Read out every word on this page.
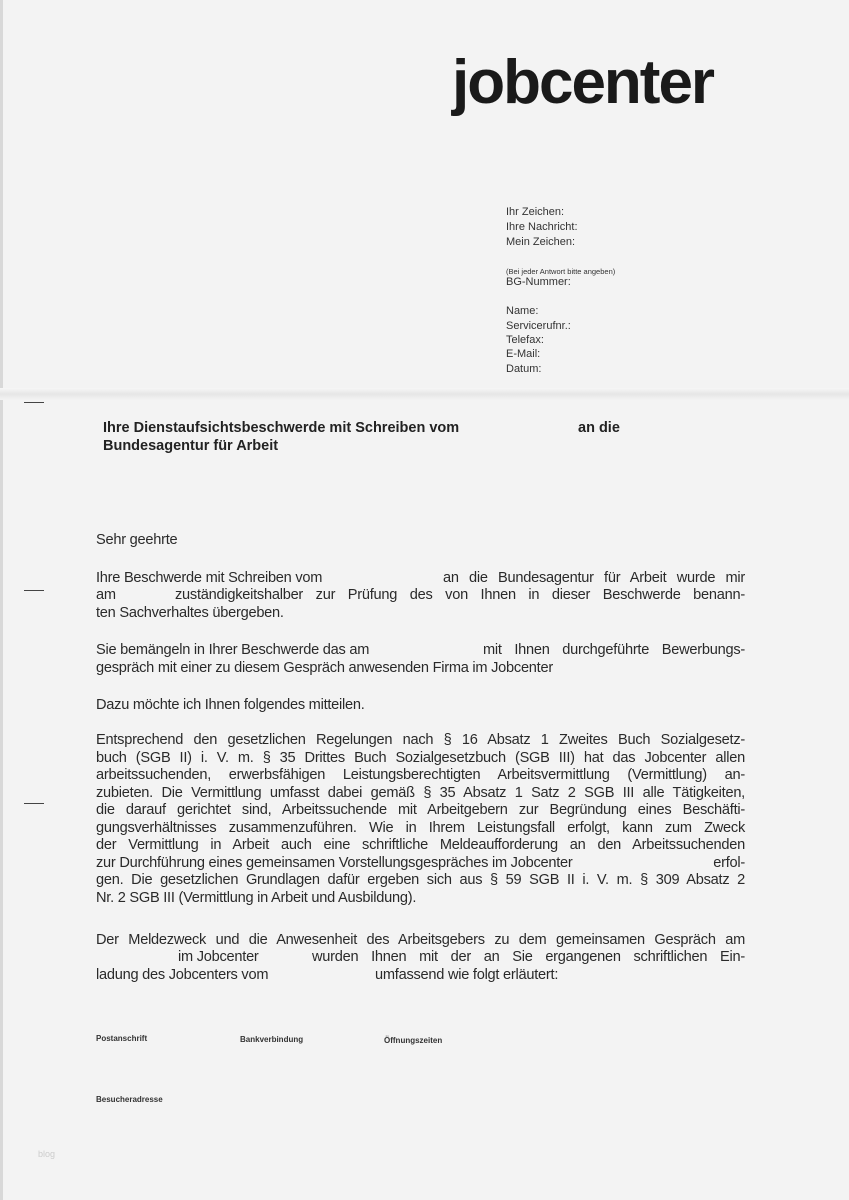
jobcenter
Ihr Zeichen:
Ihre Nachricht:
Mein Zeichen:
(Bei jeder Antwort bitte angeben)
BG-Nummer:
Name:
Servicerufnr.:
Telefax:
E-Mail:
Datum:
Ihre Dienstaufsichtsbeschwerde mit Schreiben vom	an die
Bundesagentur für Arbeit
Sehr geehrte
Ihre Beschwerde mit Schreiben vom	an die Bundesagentur für Arbeit wurde mir
am	zuständigkeitshalber zur Prüfung des von Ihnen in dieser Beschwerde benann-
ten Sachverhaltes übergeben.
Sie bemängeln in Ihrer Beschwerde das am	mit Ihnen durchgeführte Bewerbungs-
gespräch mit einer zu diesem Gespräch anwesenden Firma im Jobcenter
Dazu möchte ich Ihnen folgendes mitteilen.
Entsprechend den gesetzlichen Regelungen nach § 16 Absatz 1 Zweites Buch Sozialgesetz-
buch (SGB II) i. V. m. § 35 Drittes Buch Sozialgesetzbuch (SGB III) hat das Jobcenter allen
arbeitssuchenden, erwerbsfähigen Leistungsberechtigten Arbeitsvermittlung (Vermittlung) an-
zubieten. Die Vermittlung umfasst dabei gemäß § 35 Absatz 1 Satz 2 SGB III alle Tätigkeiten,
die darauf gerichtet sind, Arbeitssuchende mit Arbeitgebern zur Begründung eines Beschäfti-
gungsverhältnisses zusammenzuführen. Wie in Ihrem Leistungsfall erfolgt, kann zum Zweck
der Vermittlung in Arbeit auch eine schriftliche Meldeaufforderung an den Arbeitssuchenden
zur Durchführung eines gemeinsamen Vorstellungsgespräches im Jobcenter	erfol-
gen. Die gesetzlichen Grundlagen dafür ergeben sich aus § 59 SGB II i. V. m. § 309 Absatz 2
Nr. 2 SGB III (Vermittlung in Arbeit und Ausbildung).
Der Meldezweck und die Anwesenheit des Arbeitsgebers zu dem gemeinsamen Gespräch am
im Jobcenter	wurden Ihnen mit der an Sie ergangenen schriftlichen Ein-
ladung des Jobcenters vom	umfassend wie folgt erläutert:
Postanschrift	Bankverbindung	Öffnungszeiten
Besucheradresse
blog
